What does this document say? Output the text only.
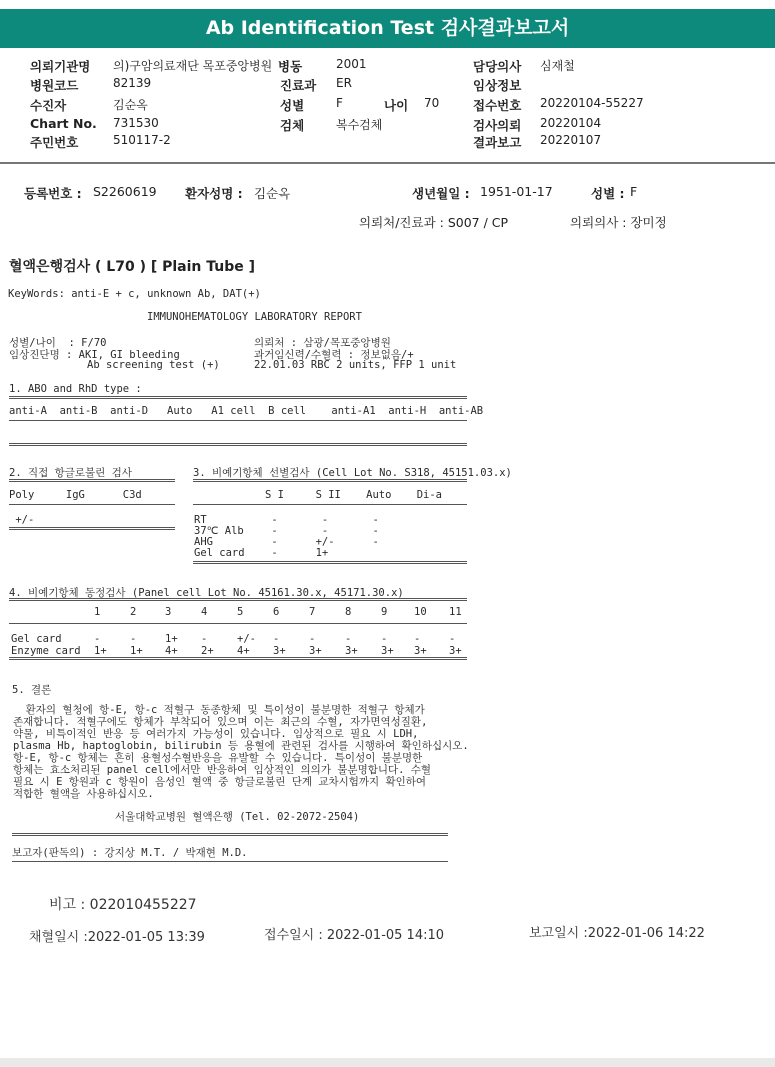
Ab Identification Test 검사결과보고서
의뢰기관명 의)구암의료재단 목포중앙병원 병동	2001	담당의사 심재철
병원코드	82139	진료과 ER	임상정보
수진자	김순옥	성별	F	나이 70	접수번호 20220104-55227
Chart No. 731530	검체	복수검체	검사의뢰 20220104
주민번호	510117-2	결과보고 20220107
등록번호 : S2260619 환자성명 : 김순옥	생년월일 : 1951-01-17	성별 : F
의뢰처/진료과 : S007 / CP	의뢰의사 : 장미정
혈액은행검사 ( L70 ) [ Plain Tube ]
KeyWords: anti-E + c, unknown Ab, DAT(+)
IMMUNOHEMATOLOGY LABORATORY REPORT
성별/나이  : F/70
임상진단명 : AKI, GI bleeding
Ab screening test (+)
의뢰처 : 삼광/목포중앙병원
과거임신력/수혈력 : 정보없음/+
22.01.03 RBC 2 units, FFP 1 unit
1. ABO and RhD type :
anti-A  anti-B  anti-D   Auto   A1 cell  B cell    anti-A1  anti-H  anti-AB
2. 직접 항글로불린 검사
Poly     IgG      C3d
+/-
3. 비예기항체 선별검사 (Cell Lot No. S318, 45151.03.x)
S I     S II    Auto    Di-a
RT	-       -       -
37℃ Alb -       -       -
AHG	-      +/-      -
Gel card -      1+
4. 비예기항체 동정검사 (Panel cell Lot No. 45161.30.x, 45171.30.x)
1	2	3	4	5	6	7	8	9	10 11
Gel card	-	-	1+ -	+/- -	-	-	-	-	-
Enzyme card 1+ 1+ 4+ 2+ 4+ 3+ 3+ 3+ 3+ 3+ 3+
5. 결론
환자의 혈청에 항-E, 항-c 적혈구 동종항체 및 특이성이 불분명한 적혈구 항체가
존재합니다. 적혈구에도 항체가 부착되어 있으며 이는 최근의 수혈, 자가면역성질환,
약물, 비특이적인 반응 등 여러가지 가능성이 있습니다. 임상적으로 필요 시 LDH,
plasma Hb, haptoglobin, bilirubin 등 용혈에 관련된 검사를 시행하여 확인하십시오.
항-E, 항-c 항체는 흔히 용혈성수혈반응을 유발할 수 있습니다. 특이성이 불분명한
항체는 효소처리된 panel cell에서만 반응하여 임상적인 의의가 불분명합니다. 수혈
필요 시 E 항원과 c 항원이 음성인 혈액 중 항글로불린 단계 교차시험까지 확인하여
적합한 혈액을 사용하십시오.
서울대학교병원 혈액은행 (Tel. 02-2072-2504)
보고자(판독의) : 강지상 M.T. / 박재현 M.D.
비고 : 022010455227
채혈일시 :2022-01-05 13:39	접수일시 : 2022-01-05 14:10	보고일시 :2022-01-06 14:22
